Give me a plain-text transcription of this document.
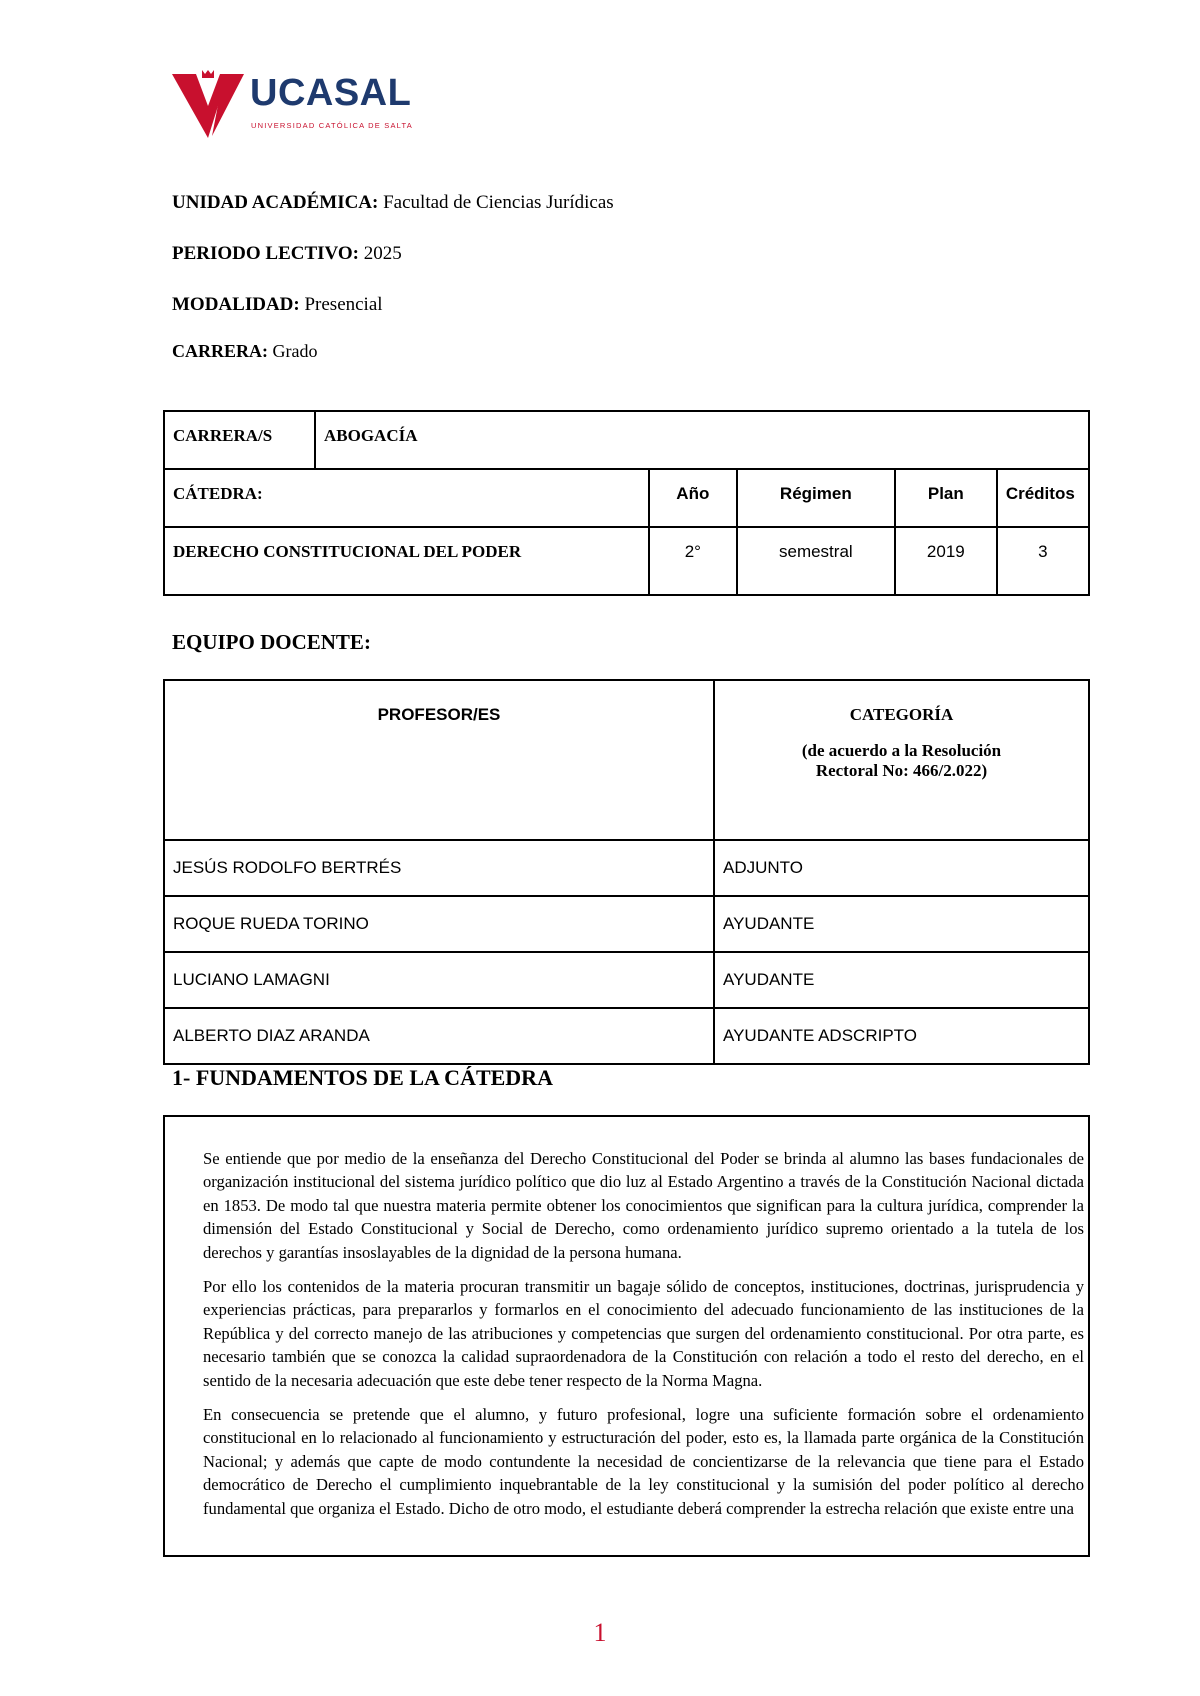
UCASAL
UNIVERSIDAD CATÓLICA DE SALTA
UNIDAD ACADÉMICA: Facultad de Ciencias Jurídicas
PERIODO LECTIVO: 2025
MODALIDAD: Presencial
CARRERA: Grado
CARRERA/S	ABOGACÍA				
CÁTEDRA:		Año	Régimen	Plan	Créditos
DERECHO CONSTITUCIONAL DEL PODER		2°	semestral	2019	3
EQUIPO DOCENTE:
PROFESOR/ES	CATEGORÍA
(de acuerdo a la Resolución
Rectoral No: 466/2.022)

JESÚS RODOLFO BERTRÉS	ADJUNTO
ROQUE RUEDA TORINO	AYUDANTE
LUCIANO LAMAGNI	AYUDANTE
ALBERTO DIAZ ARANDA	AYUDANTE ADSCRIPTO
1- FUNDAMENTOS DE LA CÁTEDRA

Se entiende que por medio de la enseñanza del Derecho Constitucional del Poder se brinda al alumno las bases fundacionales de organización institucional del sistema jurídico político que dio luz al Estado Argentino a través de la Constitución Nacional dictada en 1853. De modo tal que nuestra materia permite obtener los conocimientos que significan para la cultura jurídica, comprender la dimensión del Estado Constitucional y Social de Derecho, como ordenamiento jurídico supremo orientado a la tutela de los derechos y garantías insoslayables de la dignidad de la persona humana.

Por ello los contenidos de la materia procuran transmitir un bagaje sólido de conceptos, instituciones, doctrinas, jurisprudencia y experiencias prácticas, para prepararlos y formarlos en el conocimiento del adecuado funcionamiento de las instituciones de la República y del correcto manejo de las atribuciones y competencias que surgen del ordenamiento constitucional. Por otra parte, es necesario también que se conozca la calidad supraordenadora de la Constitución con relación a todo el resto del derecho, en el sentido de la necesaria adecuación que este debe tener respecto de la Norma Magna.

En consecuencia se pretende que el alumno, y futuro profesional, logre una suficiente formación sobre el ordenamiento constitucional en lo relacionado al funcionamiento y estructuración del poder, esto es, la llamada parte orgánica de la Constitución Nacional; y además que capte de modo contundente la necesidad de concientizarse de la relevancia que tiene para el Estado democrático de Derecho el cumplimiento inquebrantable de la ley constitucional y la sumisión del poder político al derecho fundamental que organiza el Estado. Dicho de otro modo, el estudiante deberá comprender la estrecha relación que existe entre una

1
